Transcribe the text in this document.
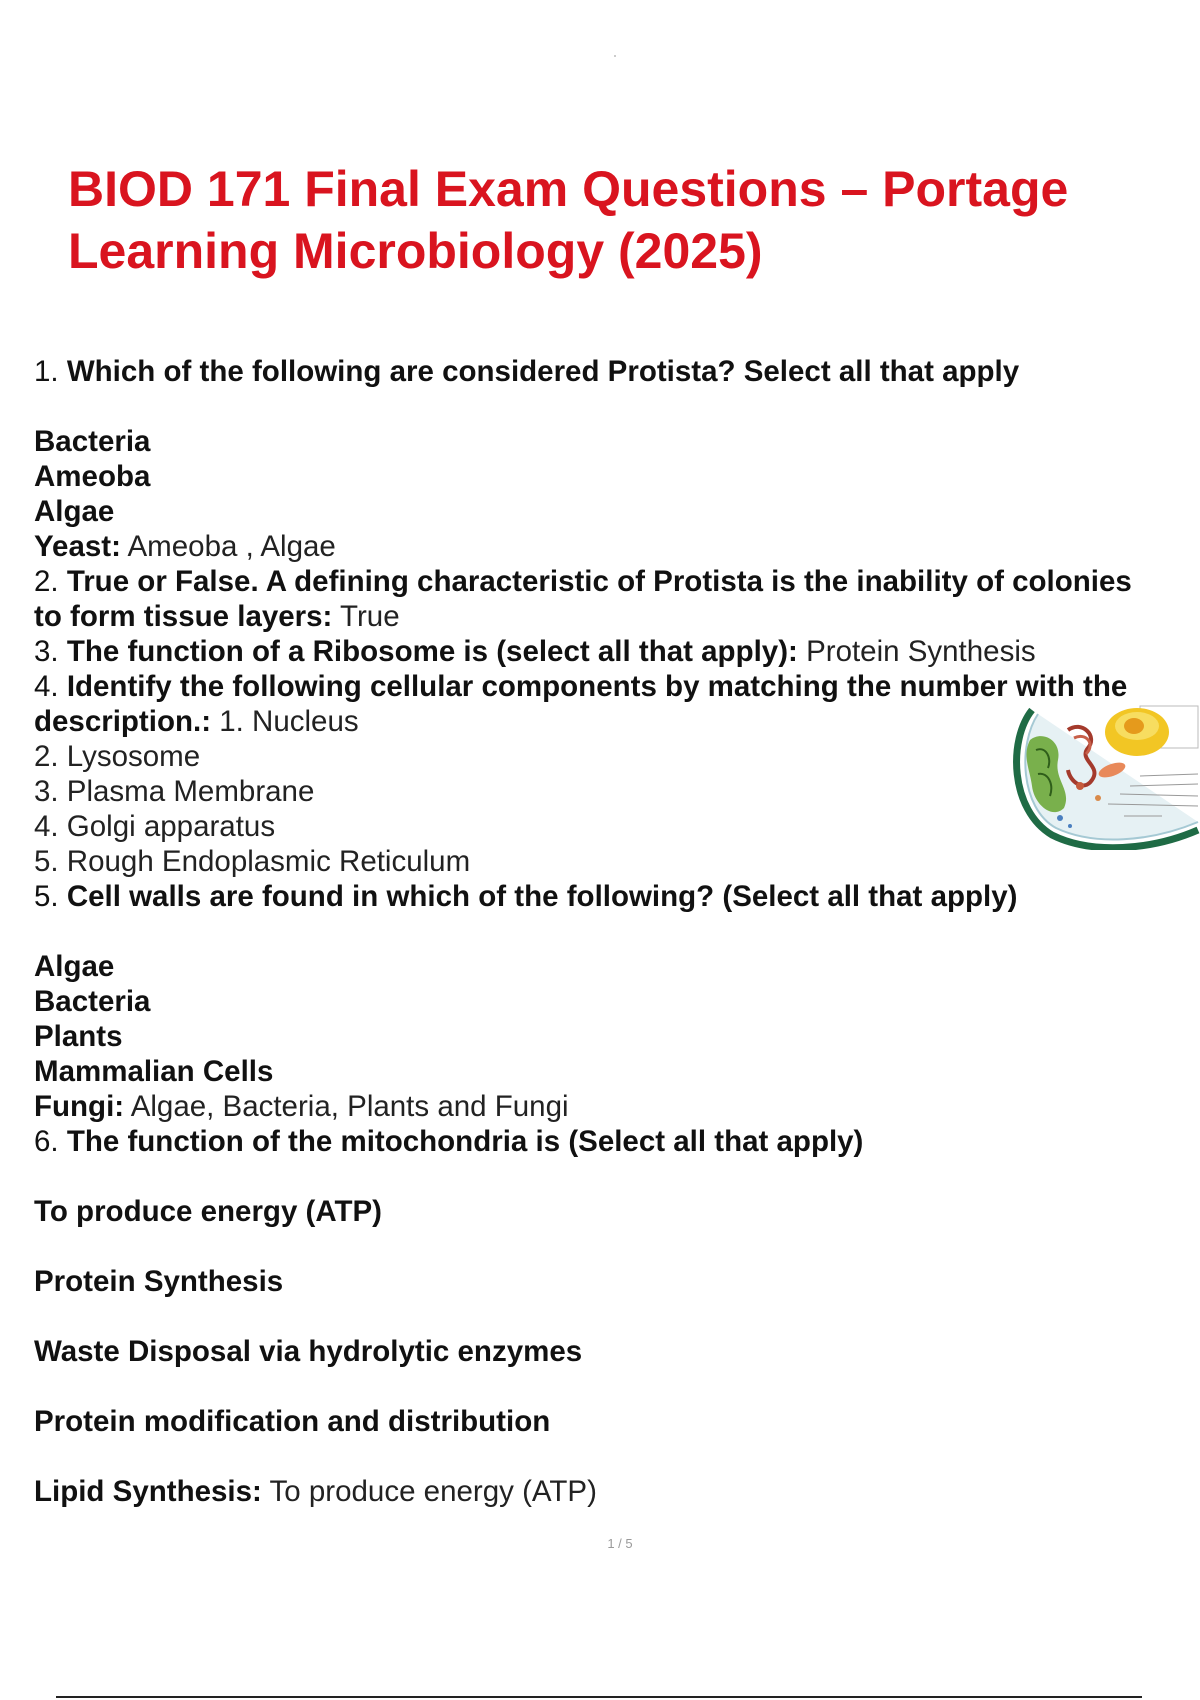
BIOD 171 Final Exam Questions – Portage Learning Microbiology (2025)
1. Which of the following are considered Protista? Select all that apply
Bacteria
Ameoba
Algae
Yeast: Ameoba , Algae
2. True or False. A defining characteristic of Protista is the inability of colonies
to form tissue layers: True
3. The function of a Ribosome is (select all that apply): Protein Synthesis
4. Identify the following cellular components by matching the number with the
description.: 1. Nucleus
2. Lysosome
3. Plasma Membrane
4. Golgi apparatus
5. Rough Endoplasmic Reticulum
5. Cell walls are found in which of the following? (Select all that apply)
Algae
Bacteria
Plants
Mammalian Cells
Fungi: Algae, Bacteria, Plants and Fungi
6. The function of the mitochondria is (Select all that apply)
To produce energy (ATP)
Protein Synthesis
Waste Disposal via hydrolytic enzymes
Protein modification and distribution
Lipid Synthesis: To produce energy (ATP)
1 / 5
